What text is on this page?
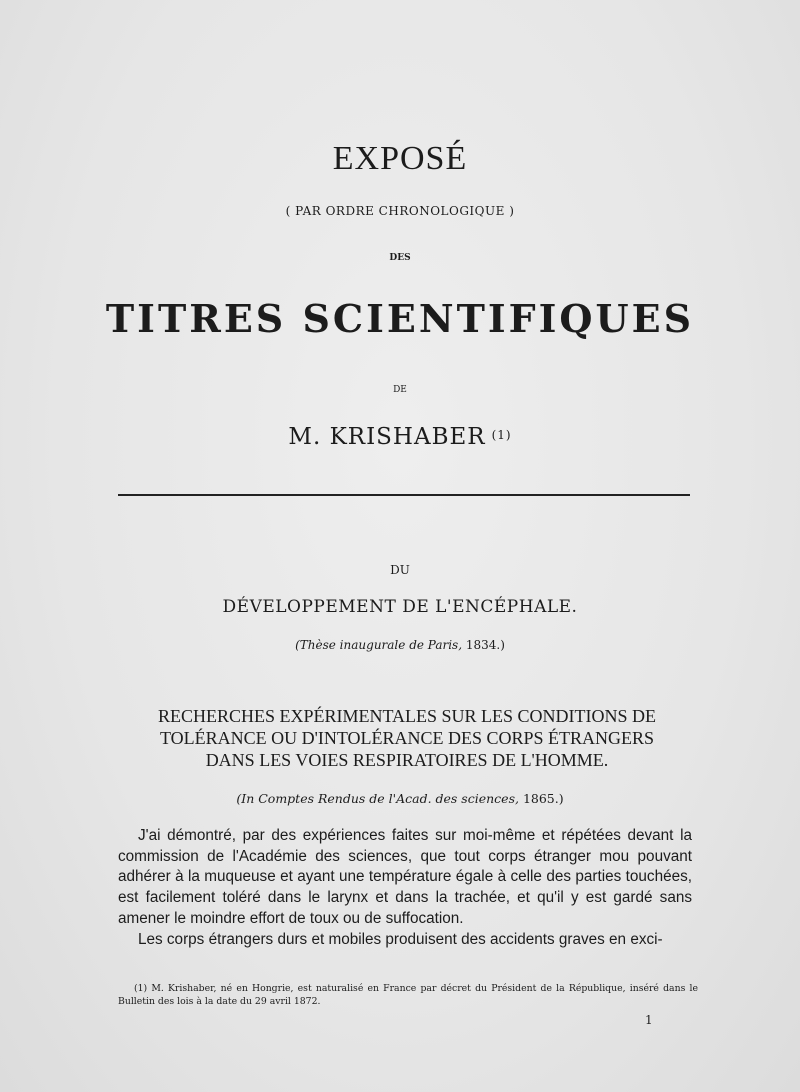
EXPOSÉ
( PAR ORDRE CHRONOLOGIQUE )
DES
TITRES SCIENTIFIQUES
DE
M. KRISHABER $^{(1)}$
DU
DÉVELOPPEMENT DE L'ENCÉPHALE.
(Thèse inaugurale de Paris, 1834.)
RECHERCHES EXPÉRIMENTALES SUR LES CONDITIONS DE
TOLÉRANCE OU D'INTOLÉRANCE DES CORPS ÉTRANGERS
DANS LES VOIES RESPIRATOIRES DE L'HOMME.
(In Comptes Rendus de l'Acad. des sciences, 1865.)

J'ai démontré, par des expériences faites sur moi-même et répétées devant la commission de l'Académie des sciences, que tout corps étranger mou pouvant adhérer à la muqueuse et ayant une température égale à celle des parties touchées, est facilement toléré dans le larynx et dans la trachée, et qu'il y est gardé sans amener le moindre effort de toux ou de suffocation.

Les corps étrangers durs et mobiles produisent des accidents graves en exci-

(1) M. Krishaber, né en Hongrie, est naturalisé en France par décret du Président de la République, inséré dans le Bulletin des lois à la date du 29 avril 1872.

1
